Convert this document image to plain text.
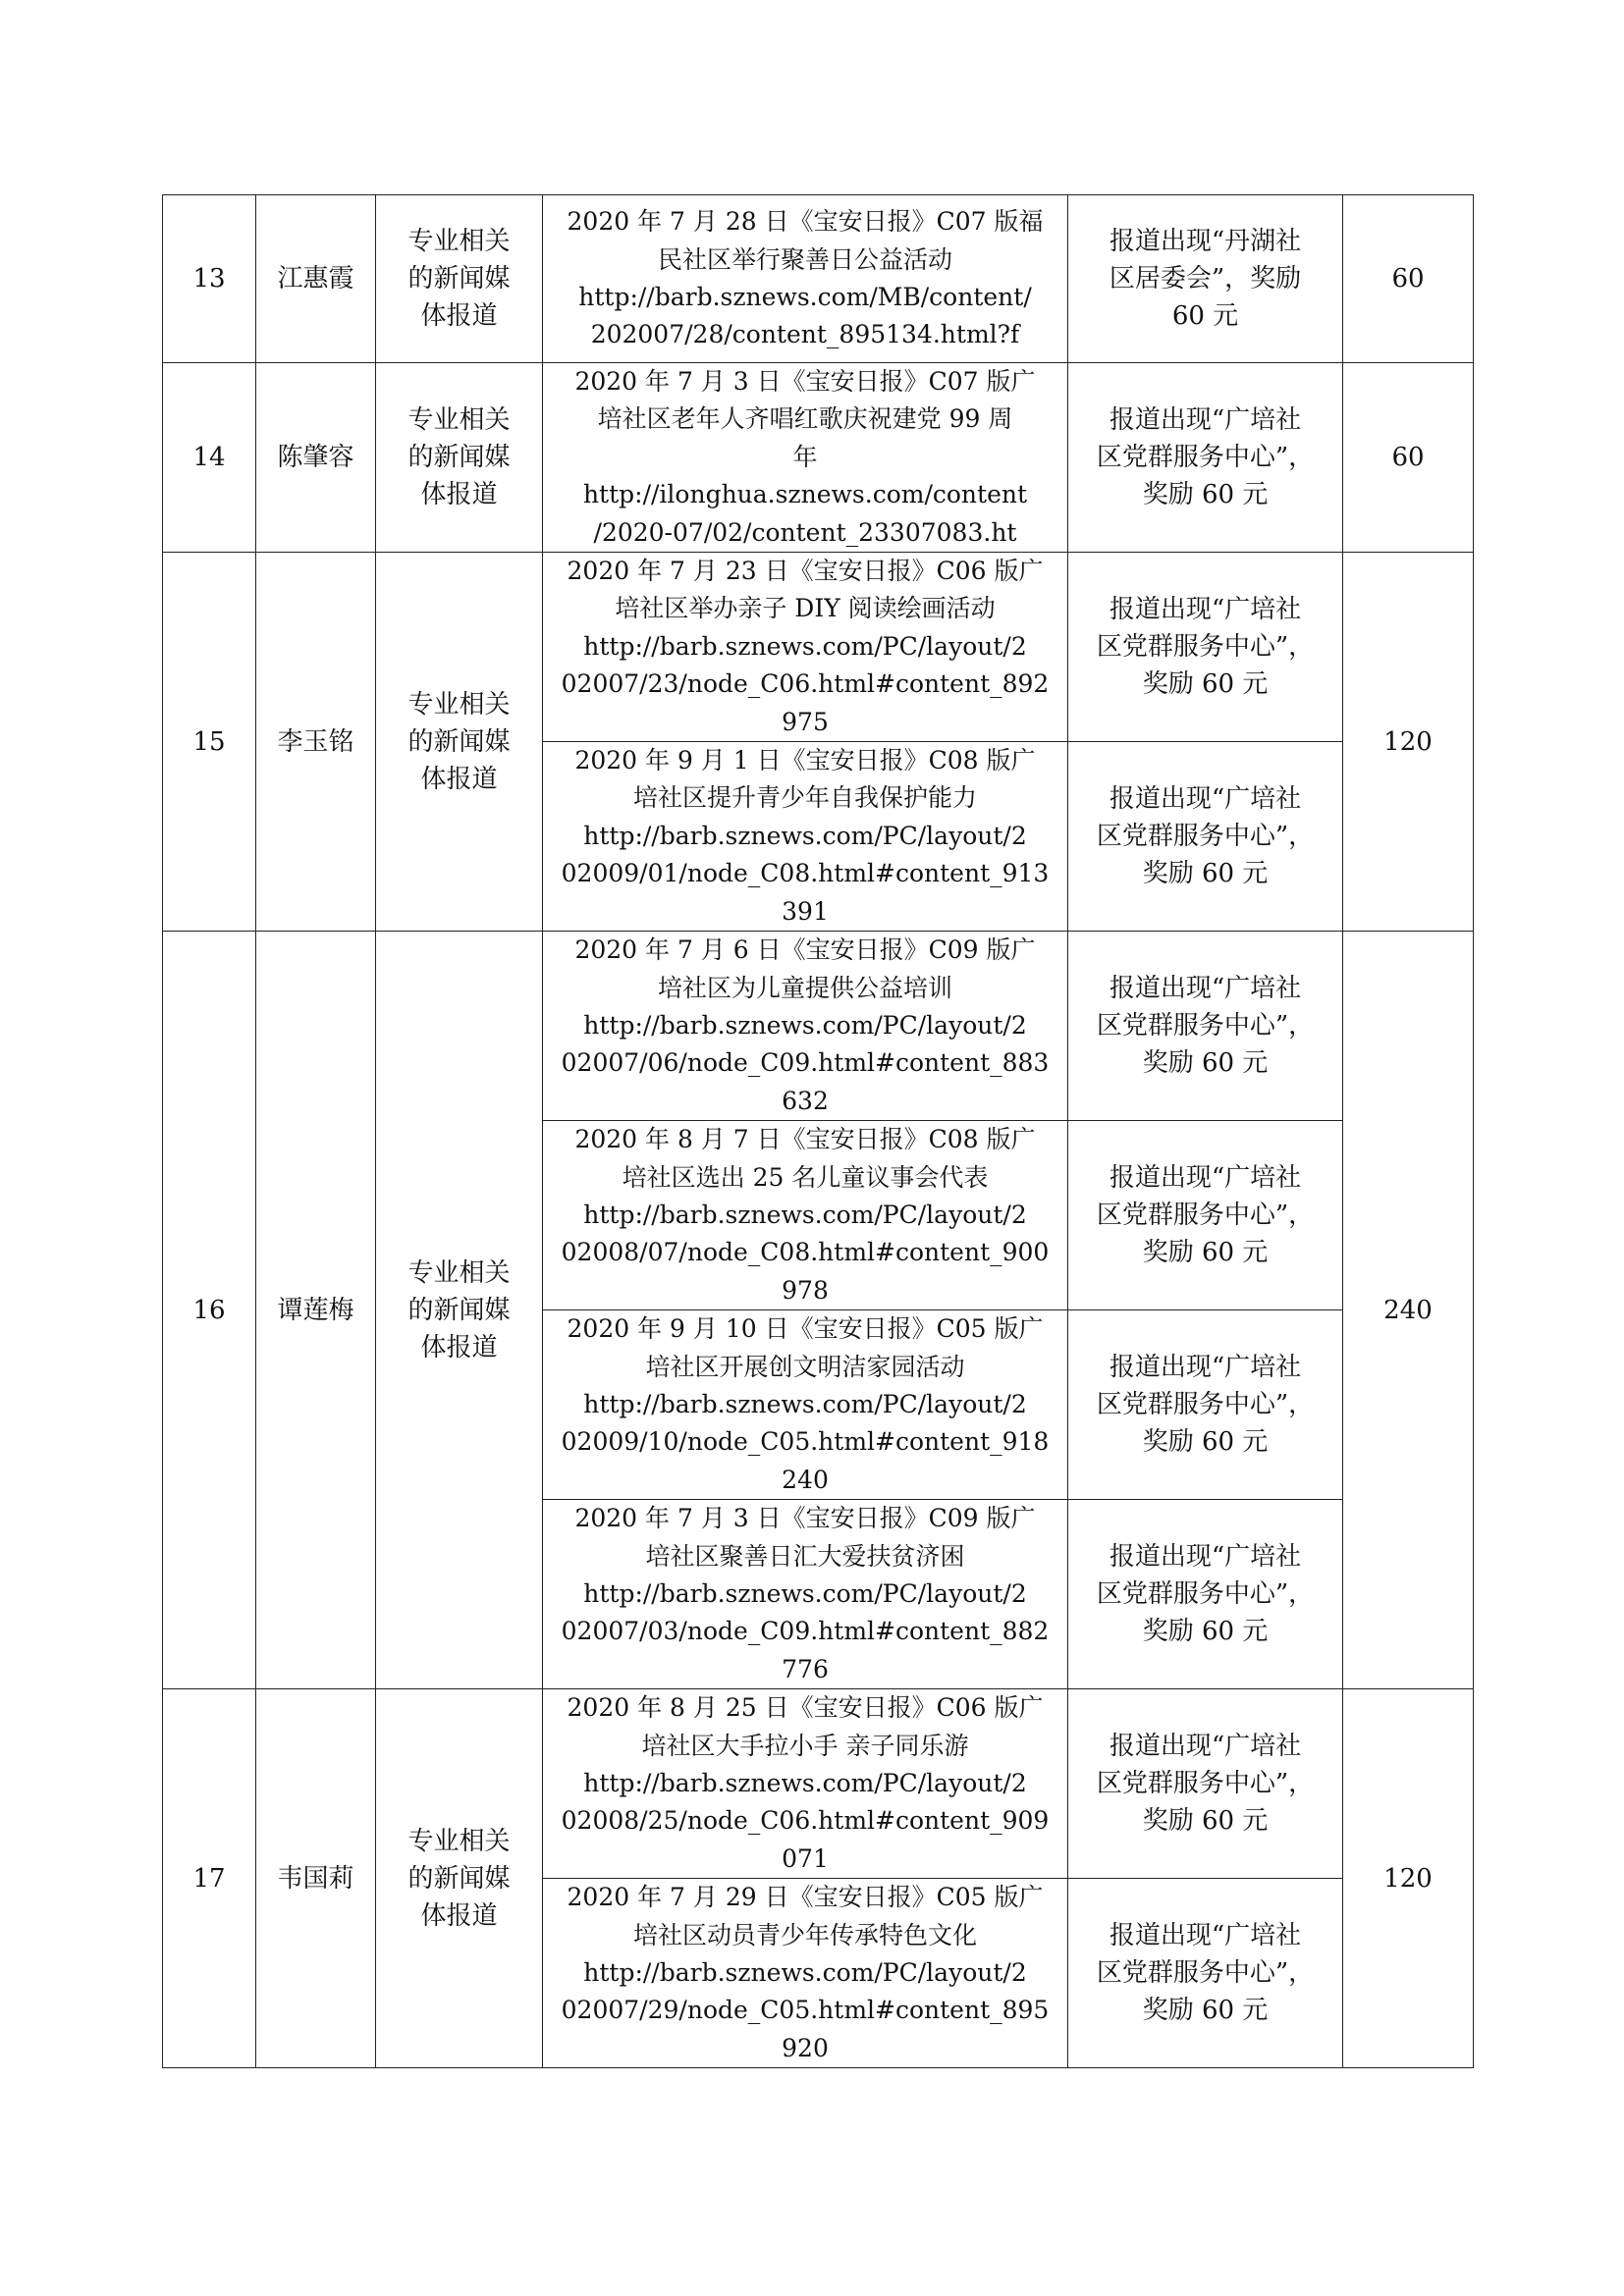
13	江惠霞	专业相关的新闻媒体报道	2020 年 7 月 28 日《宝安日报》C07 版福
民社区举行聚善日公益活动
http://barb.sznews.com/MB/content/
202007/28/content_895134.html?f	报道出现“丹湖社
区居委会”，奖励
60 元	60
14	陈肇容	专业相关的新闻媒体报道	2020 年 7 月 3 日《宝安日报》C07 版广
培社区老年人齐唱红歌庆祝建党 99 周
年
http://ilonghua.sznews.com/content
/2020-07/02/content_23307083.ht	报道出现“广培社
区党群服务中心”，
奖励 60 元	60
15	李玉铭	专业相关的新闻媒体报道	2020 年 7 月 23 日《宝安日报》C06 版广
培社区举办亲子 DIY 阅读绘画活动
http://barb.sznews.com/PC/layout/2
02007/23/node_C06.html#content_892
975	报道出现“广培社
区党群服务中心”，
奖励 60 元	120

			2020 年 9 月 1 日《宝安日报》C08 版广
培社区提升青少年自我保护能力
http://barb.sznews.com/PC/layout/2
02009/01/node_C08.html#content_913
391	报道出现“广培社
区党群服务中心”，
奖励 60 元	

16	谭莲梅	专业相关的新闻媒体报道	2020 年 7 月 6 日《宝安日报》C09 版广
培社区为儿童提供公益培训
http://barb.sznews.com/PC/layout/2
02007/06/node_C09.html#content_883
632	报道出现“广培社
区党群服务中心”，
奖励 60 元	240

			2020 年 8 月 7 日《宝安日报》C08 版广
培社区选出 25 名儿童议事会代表
http://barb.sznews.com/PC/layout/2
02008/07/node_C08.html#content_900
978	报道出现“广培社
区党群服务中心”，
奖励 60 元	

			2020 年 9 月 10 日《宝安日报》C05 版广
培社区开展创文明洁家园活动
http://barb.sznews.com/PC/layout/2
02009/10/node_C05.html#content_918
240	报道出现“广培社
区党群服务中心”，
奖励 60 元	

			2020 年 7 月 3 日《宝安日报》C09 版广
培社区聚善日汇大爱扶贫济困
http://barb.sznews.com/PC/layout/2
02007/03/node_C09.html#content_882
776	报道出现“广培社
区党群服务中心”，
奖励 60 元	

17	韦国莉	专业相关的新闻媒体报道	2020 年 8 月 25 日《宝安日报》C06 版广
培社区大手拉小手 亲子同乐游
http://barb.sznews.com/PC/layout/2
02008/25/node_C06.html#content_909
071	报道出现“广培社
区党群服务中心”，
奖励 60 元	120

			2020 年 7 月 29 日《宝安日报》C05 版广
培社区动员青少年传承特色文化
http://barb.sznews.com/PC/layout/2
02007/29/node_C05.html#content_895
920	报道出现“广培社
区党群服务中心”，
奖励 60 元	
